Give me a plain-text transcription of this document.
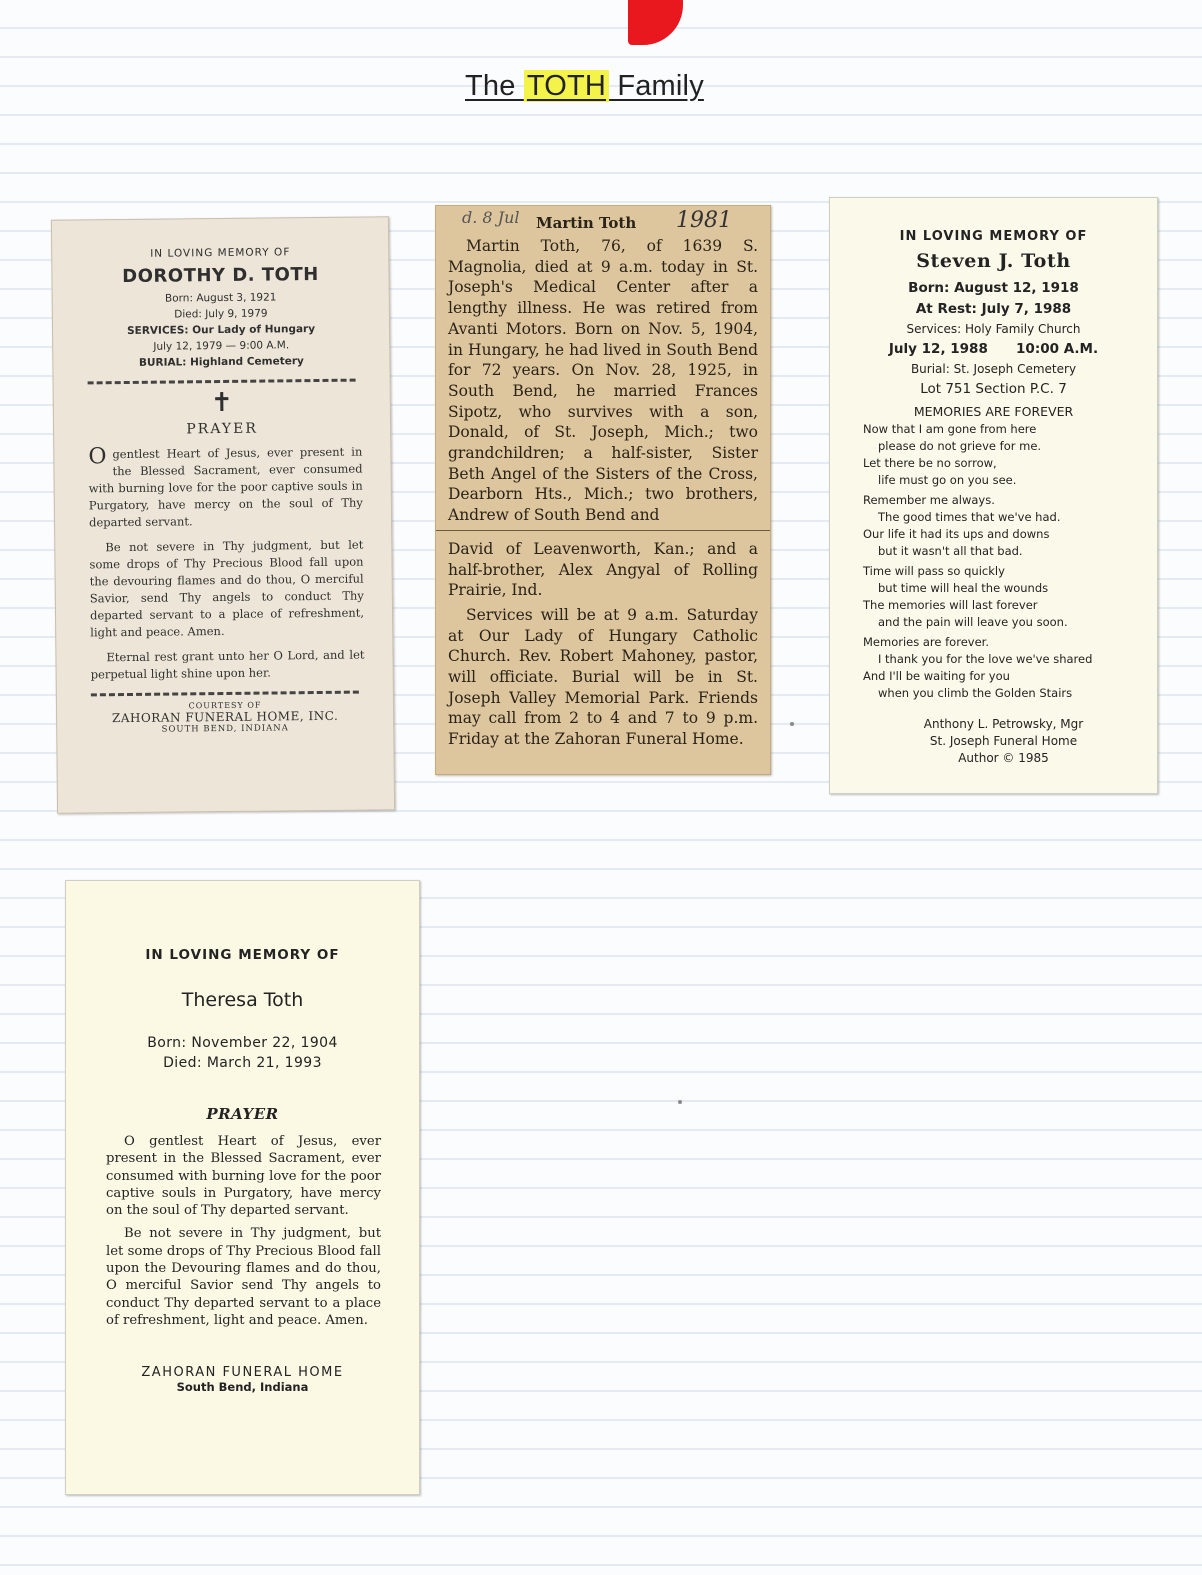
The TOTH Family
IN LOVING MEMORY OF
DOROTHY D. TOTH
Born: August 3, 1921
Died: July 9, 1979
SERVICES: Our Lady of Hungary
July 12, 1979 — 9:00 A.M.
BURIAL: Highland Cemetery
✝
PRAYER
Ogentlest Heart of Jesus, ever present in the Blessed Sacrament, ever consumed with burning love for the poor captive souls in Purgatory, have mercy on the soul of Thy departed servant.
Be not severe in Thy judgment, but let some drops of Thy Precious Blood fall upon the devouring flames and do thou, O merciful Savior, send Thy angels to conduct Thy departed servant to a place of refreshment, light and peace. Amen.
Eternal rest grant unto her O Lord, and let perpetual light shine upon her.
COURTESY OF
ZAHORAN FUNERAL HOME, INC.
SOUTH BEND, INDIANA
d. 8 Jul Martin Toth 1981
Martin Toth, 76, of 1639 S. Magnolia, died at 9 a.m. today in St. Joseph's Medical Center after a lengthy illness. He was retired from Avanti Motors. Born on Nov. 5, 1904, in Hungary, he had lived in South Bend for 72 years. On Nov. 28, 1925, in South Bend, he married Frances Sipotz, who survives with a son, Donald, of St. Joseph, Mich.; two grandchildren; a half-sister, Sister Beth Angel of the Sisters of the Cross, Dearborn Hts., Mich.; two brothers, Andrew of South Bend and
David of Leavenworth, Kan.; and a half-brother, Alex Angyal of Rolling Prairie, Ind.
Services will be at 9 a.m. Saturday at Our Lady of Hungary Catholic Church. Rev. Robert Mahoney, pastor, will officiate. Burial will be in St. Joseph Valley Memorial Park. Friends may call from 2 to 4 and 7 to 9 p.m. Friday at the Zahoran Funeral Home.
IN LOVING MEMORY OF
Steven J. Toth
Born: August 12, 1918
At Rest: July 7, 1988
Services: Holy Family Church
July 12, 1988      10:00 A.M.
Burial: St. Joseph Cemetery
Lot 751 Section P.C. 7
MEMORIES ARE FOREVER
Now that I am gone from here
please do not grieve for me.
Let there be no sorrow,
life must go on you see.
Remember me always.
The good times that we've had.
Our life it had its ups and downs
but it wasn't all that bad.
Time will pass so quickly
but time will heal the wounds
The memories will last forever
and the pain will leave you soon.
Memories are forever.
I thank you for the love we've shared
And I'll be waiting for you
when you climb the Golden Stairs
Anthony L. Petrowsky, Mgr
St. Joseph Funeral Home
Author © 1985
IN LOVING MEMORY OF
Theresa Toth
Born: November 22, 1904
Died: March 21, 1993
PRAYER
O gentlest Heart of Jesus, ever present in the Blessed Sacrament, ever consumed with burning love for the poor captive souls in Purgatory, have mercy on the soul of Thy departed servant.
Be not severe in Thy judgment, but let some drops of Thy Precious Blood fall upon the Devouring flames and do thou, O merciful Savior send Thy angels to conduct Thy departed servant to a place of refreshment, light and peace. Amen.
ZAHORAN FUNERAL HOME
South Bend, Indiana
